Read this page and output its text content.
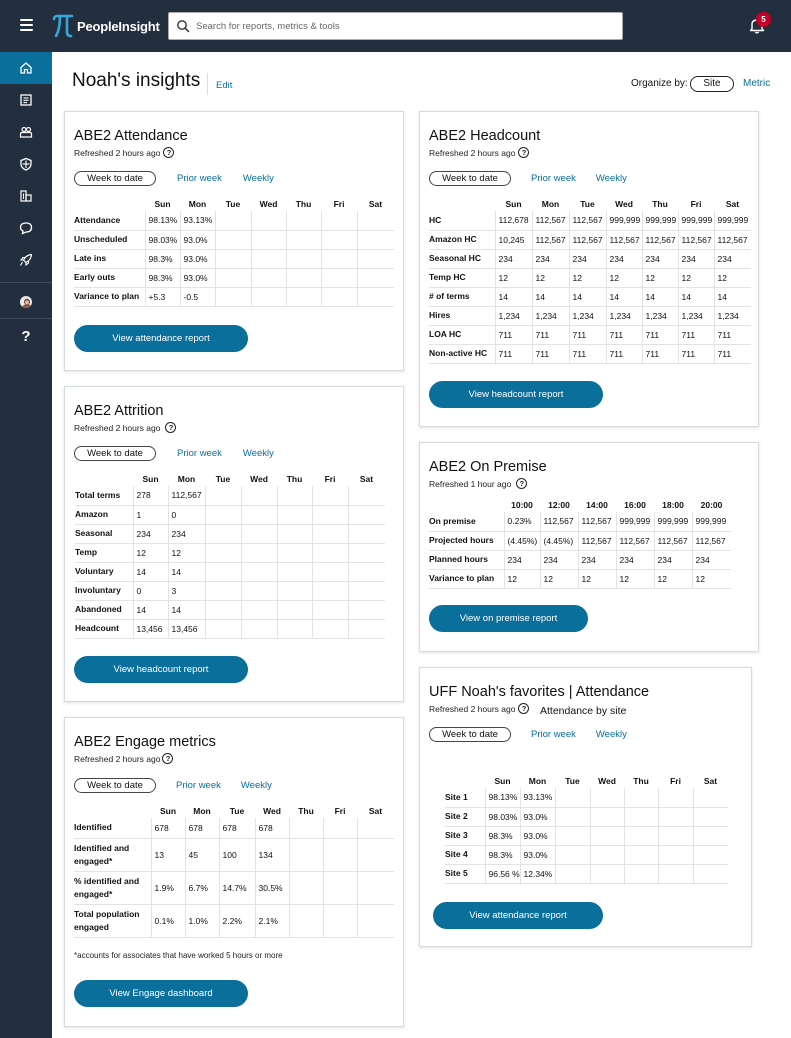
PeopleInsight
Search for reports, metrics & tools	5
?
Noah's insights Edit	Organize by:	Site	Metric
ABE2 Attendance
Refreshed 2 hours ago ?
Week to date	Prior week Weekly
	Sun	Mon	Tue	Wed	Thu	Fri	Sat
Attendance	98.13%	93.13%					
Unscheduled	98.03%	93.0%					
Late ins	98.3%	93.0%					
Early outs	98.3%	93.0%					
Variance to plan	+5.3	-0.5					
View attendance report
ABE2 Headcount
Refreshed 2 hours ago ?
Week to date	Prior week Weekly
	Sun	Mon	Tue	Wed	Thu	Fri	Sat
HC	112,678	112,567	112,567	999,999	999,999	999,999	999,999
Amazon HC	10,245	112,567	112,567	112,567	112,567	112,567	112,567
Seasonal HC	234	234	234	234	234	234	234
Temp HC	12	12	12	12	12	12	12
# of terms	14	14	14	14	14	14	14
Hires	1,234	1,234	1,234	1,234	1,234	1,234	1,234
LOA HC	711	711	711	711	711	711	711
Non-active HC	711	711	711	711	711	711	711
View headcount report
ABE2 Attrition
Refreshed 2 hours ago	?
Week to date	Prior week Weekly
	Sun	Mon	Tue	Wed	Thu	Fri	Sat
Total terms	278	112,567					
Amazon	1	0					
Seasonal	234	234					
Temp	12	12					
Voluntary	14	14					
Involuntary	0	3					
Abandoned	14	14					
Headcount	13,456	13,456					
View headcount report
ABE2 On Premise
Refreshed 1 hour ago	?
	10:00	12:00	14:00	16:00	18:00	20:00
On premise	0.23%	112,567	112,567	999,999	999,999	999,999
Projected hours	(4.45%)	(4.45%)	112,567	112,567	112,567	112,567
Planned hours	234	234	234	234	234	234
Variance to plan	12	12	12	12	12	12
View on premise report
UFF Noah's favorites | Attendance
Refreshed 2 hours ago ?
Week to date	Prior week Weekly
Attendance by site
	Sun	Mon	Tue	Wed	Thu	Fri	Sat
Site 1	98.13%	93.13%					
Site 2	98.03%	93.0%					
Site 3	98.3%	93.0%					
Site 4	98.3%	93.0%					
Site 5	96.56 %	12.34%					
View attendance report
ABE2 Engage metrics
Refreshed 2 hours ago ?
Week to date	Prior week Weekly
	Sun	Mon	Tue	Wed	Thu	Fri	Sat
Identified	678	678	678	678			
Identified and engaged*	13	45	100	134			
% identified and engaged*	1.9%	6.7%	14.7%	30.5%			
Total population engaged	0.1%	1.0%	2.2%	2.1%			
*accounts for associates that have worked 5 hours or more
View Engage dashboard
